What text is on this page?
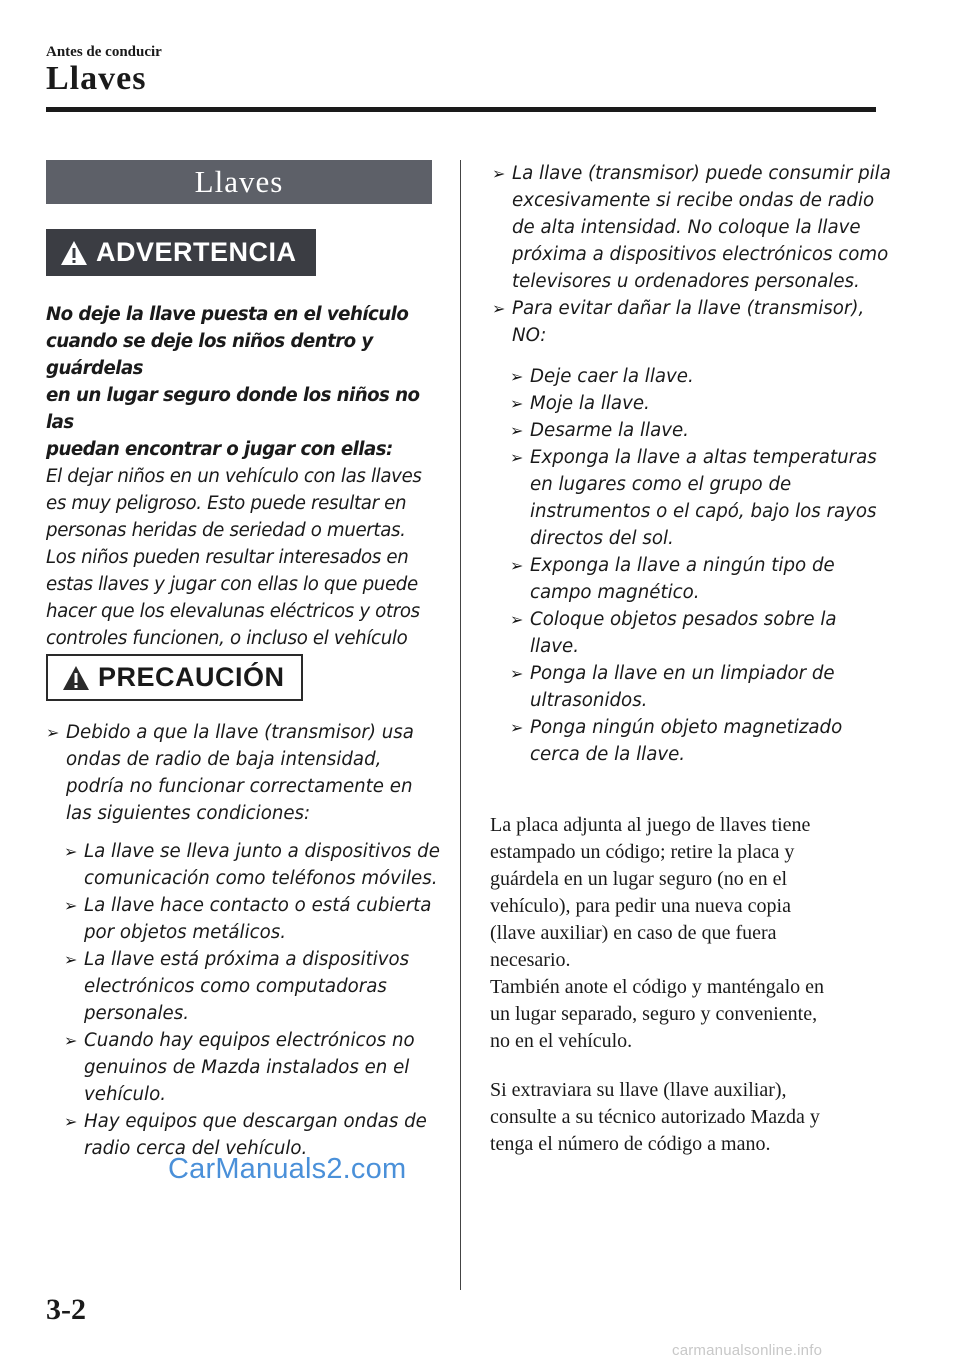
Antes de conducir
Llaves
Llaves
ADVERTENCIA
No deje la llave puesta en el vehículo
cuando se deje los niños dentro y guárdelas
en un lugar seguro donde los niños no las
puedan encontrar o jugar con ellas:
El dejar niños en un vehículo con las llaves
es muy peligroso. Esto puede resultar en
personas heridas de seriedad o muertas.
Los niños pueden resultar interesados en
estas llaves y jugar con ellas lo que puede
hacer que los elevalunas eléctricos y otros
controles funcionen, o incluso el vehículo
PRECAUCIÓN
➢ Debido a que la llave (transmisor) usa
ondas de radio de baja intensidad,
podría no funcionar correctamente en
las siguientes condiciones:
➢ La llave se lleva junto a dispositivos de
comunicación como teléfonos móviles.
➢ La llave hace contacto o está cubierta
por objetos metálicos.
➢ La llave está próxima a dispositivos
electrónicos como computadoras
personales.
➢ Cuando hay equipos electrónicos no
genuinos de Mazda instalados en el
vehículo.
➢ Hay equipos que descargan ondas de
radio cerca del vehículo.
➢ La llave (transmisor) puede consumir pila
excesivamente si recibe ondas de radio
de alta intensidad. No coloque la llave
próxima a dispositivos electrónicos como
televisores u ordenadores personales.
➢ Para evitar dañar la llave (transmisor),
NO:
➢ Deje caer la llave.
➢ Moje la llave.
➢ Desarme la llave.
➢ Exponga la llave a altas temperaturas
en lugares como el grupo de
instrumentos o el capó, bajo los rayos
directos del sol.
➢ Exponga la llave a ningún tipo de
campo magnético.
➢ Coloque objetos pesados sobre la
llave.
➢ Ponga la llave en un limpiador de
ultrasonidos.
➢ Ponga ningún objeto magnetizado
cerca de la llave.
La placa adjunta al juego de llaves tiene
estampado un código; retire la placa y
guárdela en un lugar seguro (no en el
vehículo), para pedir una nueva copia
(llave auxiliar) en caso de que fuera
necesario.
También anote el código y manténgalo en
un lugar separado, seguro y conveniente,
no en el vehículo.
Si extraviara su llave (llave auxiliar),
consulte a su técnico autorizado Mazda y
tenga el número de código a mano.
CarManuals2.com
3-2
carmanualsonline.info
